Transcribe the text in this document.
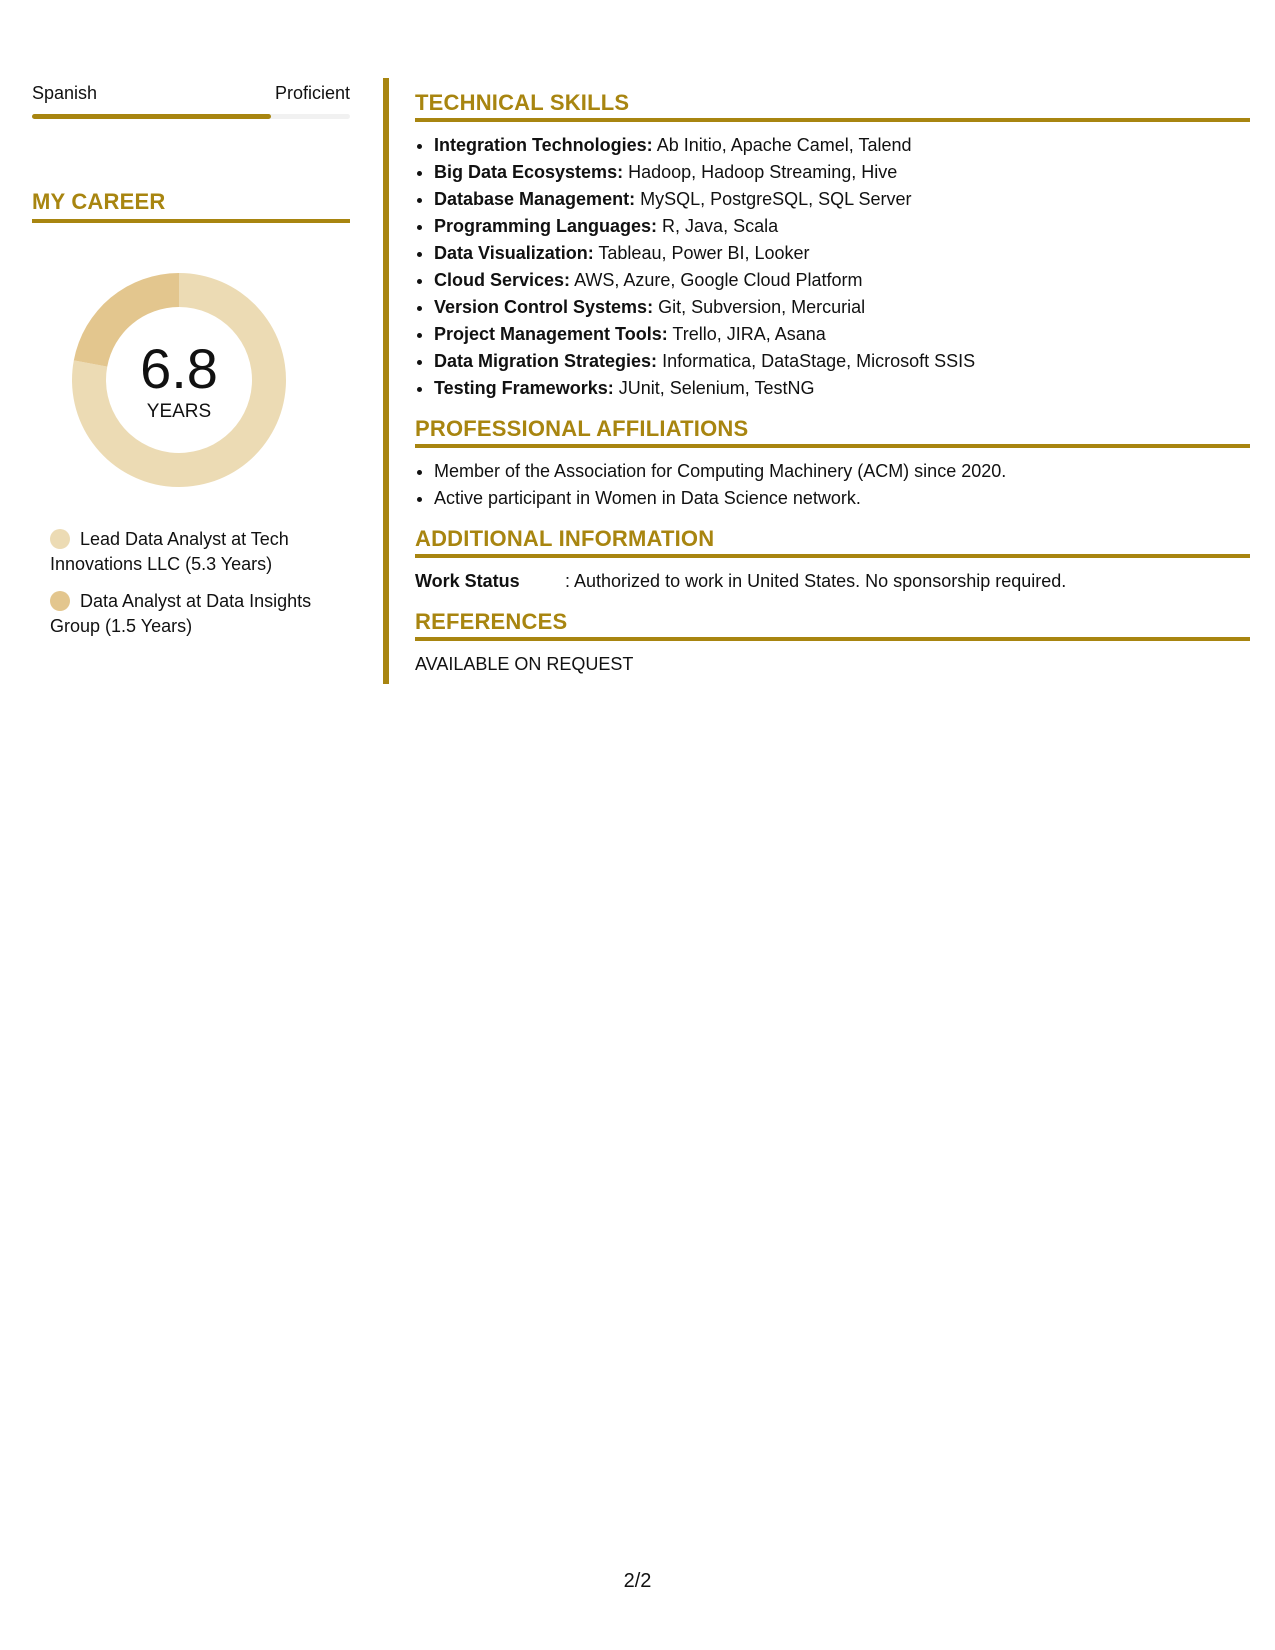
Spanish	Proficient
MY CAREER
6.8
YEARS
Lead Data Analyst at Tech Innovations LLC (5.3 Years)
Data Analyst at Data Insights Group (1.5 Years)
TECHNICAL SKILLS
• Integration Technologies: Ab Initio, Apache Camel, Talend
• Big Data Ecosystems: Hadoop, Hadoop Streaming, Hive
• Database Management: MySQL, PostgreSQL, SQL Server
• Programming Languages: R, Java, Scala
• Data Visualization: Tableau, Power BI, Looker
• Cloud Services: AWS, Azure, Google Cloud Platform
• Version Control Systems: Git, Subversion, Mercurial
• Project Management Tools: Trello, JIRA, Asana
• Data Migration Strategies: Informatica, DataStage, Microsoft SSIS
• Testing Frameworks: JUnit, Selenium, TestNG
PROFESSIONAL AFFILIATIONS
• Member of the Association for Computing Machinery (ACM) since 2020.
• Active participant in Women in Data Science network.
ADDITIONAL INFORMATION
Work Status	: Authorized to work in United States. No sponsorship required.
REFERENCES
AVAILABLE ON REQUEST
2/2
